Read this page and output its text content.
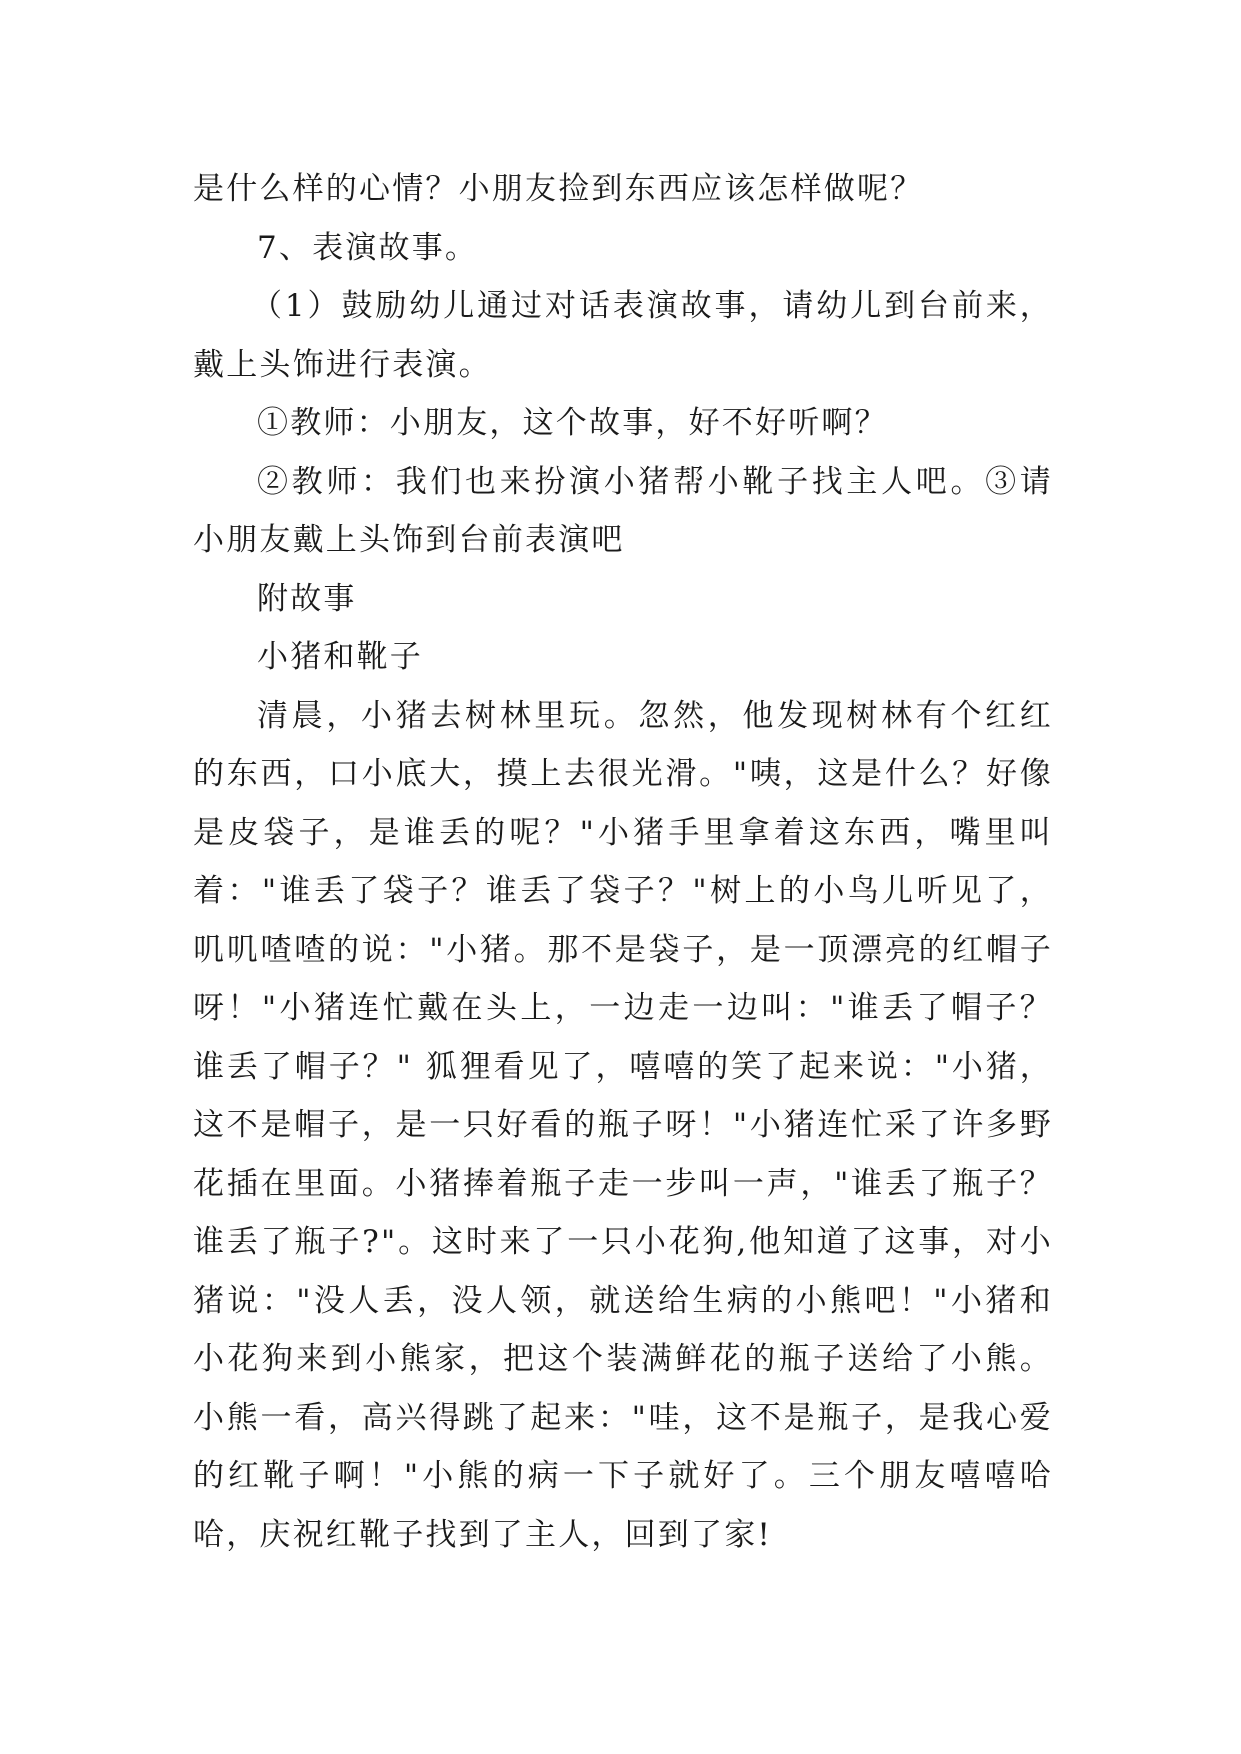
是什么样的心情？小朋友捡到东西应该怎样做呢？

7、表演故事。

（1）鼓励幼儿通过对话表演故事，请幼儿到台前来，戴上头饰进行表演。

①教师：小朋友，这个故事，好不好听啊？

②教师：我们也来扮演小猪帮小靴子找主人吧。③请小朋友戴上头饰到台前表演吧

附故事

小猪和靴子

清晨，小猪去树林里玩。忽然，他发现树林有个红红的东西，口小底大，摸上去很光滑。"咦，这是什么？好像是皮袋子，是谁丢的呢？"小猪手里拿着这东西，嘴里叫着："谁丢了袋子？谁丢了袋子？"树上的小鸟儿听见了，叽叽喳喳的说："小猪。那不是袋子，是一顶漂亮的红帽子呀！"小猪连忙戴在头上，一边走一边叫："谁丢了帽子？谁丢了帽子？" 狐狸看见了，嘻嘻的笑了起来说："小猪，这不是帽子，是一只好看的瓶子呀！"小猪连忙采了许多野花插在里面。小猪捧着瓶子走一步叫一声，"谁丢了瓶子？谁丢了瓶子?"。这时来了一只小花狗,他知道了这事，对小猪说："没人丢，没人领，就送给生病的小熊吧！"小猪和小花狗来到小熊家，把这个装满鲜花的瓶子送给了小熊。小熊一看，高兴得跳了起来："哇，这不是瓶子，是我心爱的红靴子啊！"小熊的病一下子就好了。三个朋友嘻嘻哈哈，庆祝红靴子找到了主人，回到了家!
